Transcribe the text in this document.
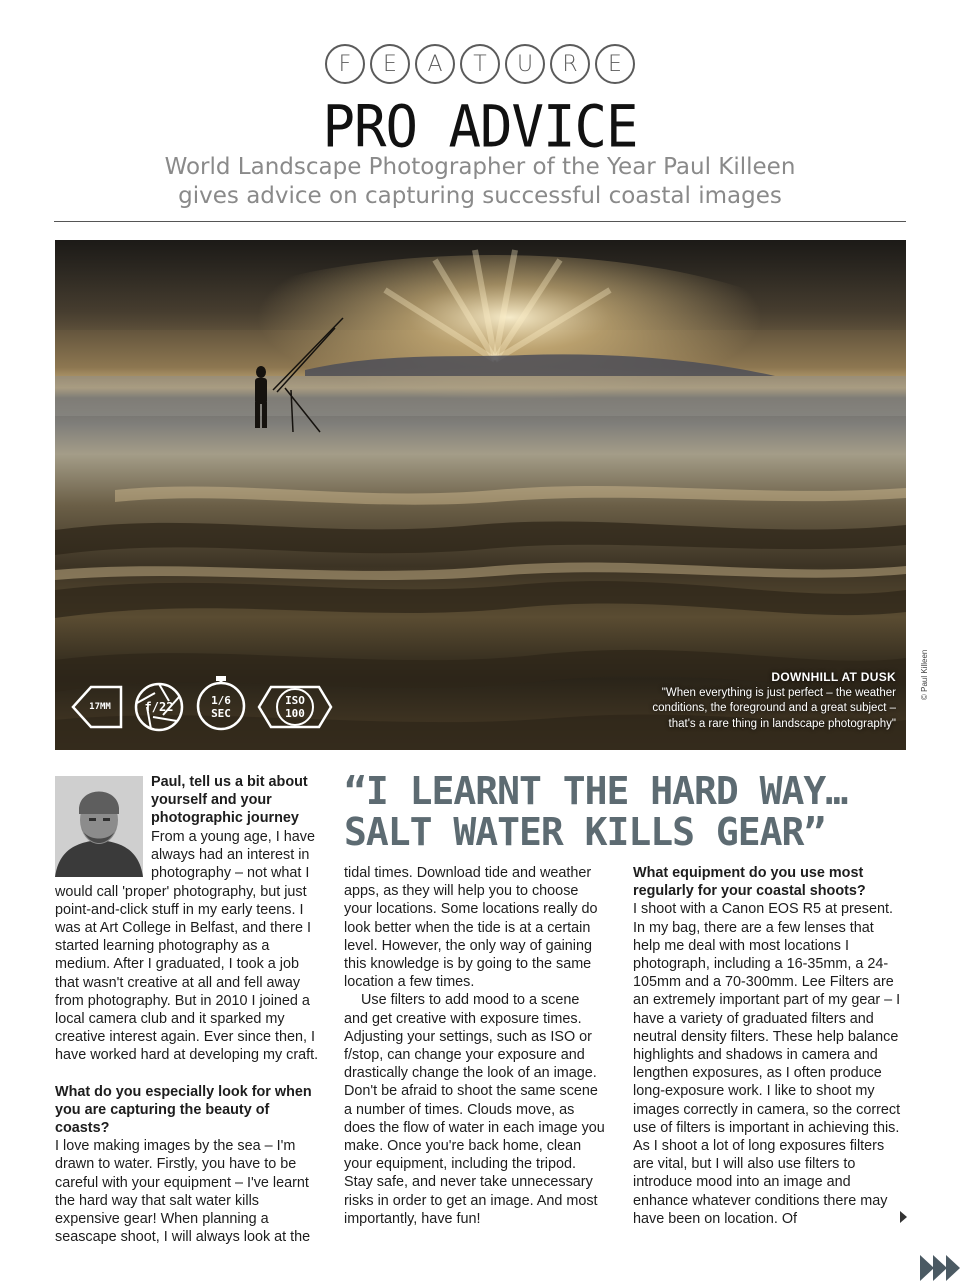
F	E	A	T	U	R	E
PRO ADVICE

World Landscape Photographer of the Year Paul Killeen
gives advice on capturing successful coastal images

17MM	f/22	1/6
SEC
ISO
100
DOWNHILL AT DUSK
"When everything is just perfect – the weather conditions, the foreground and a great subject – that's a rare thing in landscape photography"
© Paul Killeen

Paul, tell us a bit about yourself and your photographic journey

From a young age, I have always had an interest in photography – not what I would call 'proper' photography, but just point-and-click stuff in my early teens. I was at Art College in Belfast, and there I started learning photography as a medium. After I graduated, I took a job that wasn't creative at all and fell away from photography. But in 2010 I joined a local camera club and it sparked my creative interest again. Ever since then, I have worked hard at developing my craft.

What do you especially look for when you are capturing the beauty of coasts?

I love making images by the sea – I'm drawn to water. Firstly, you have to be careful with your equipment – I've learnt the hard way that salt water kills expensive gear! When planning a seascape shoot, I will always look at the

“I LEARNT THE HARD WAY… SALT WATER KILLS GEAR”

tidal times. Download tide and weather apps, as they will help you to choose your locations. Some locations really do look better when the tide is at a certain level. However, the only way of gaining this knowledge is by going to the same location a few times.

Use filters to add mood to a scene and get creative with exposure times. Adjusting your settings, such as ISO or f/stop, can change your exposure and drastically change the look of an image. Don't be afraid to shoot the same scene a number of times. Clouds move, as does the flow of water in each image you make. Once you're back home, clean your equipment, including the tripod. Stay safe, and never take unnecessary risks in order to get an image. And most importantly, have fun!

What equipment do you use most regularly for your coastal shoots?

I shoot with a Canon EOS R5 at present. In my bag, there are a few lenses that help me deal with most locations I photograph, including a 16-35mm, a 24-105mm and a 70-300mm. Lee Filters are an extremely important part of my gear – I have a variety of graduated filters and neutral density filters. These help balance highlights and shadows in camera and lengthen exposures, as I often produce long-exposure work. I like to shoot my images correctly in camera, so the correct use of filters is important in achieving this. As I shoot a lot of long exposures filters are vital, but I will also use filters to introduce mood into an image and enhance whatever conditions there may have been on location. Of
